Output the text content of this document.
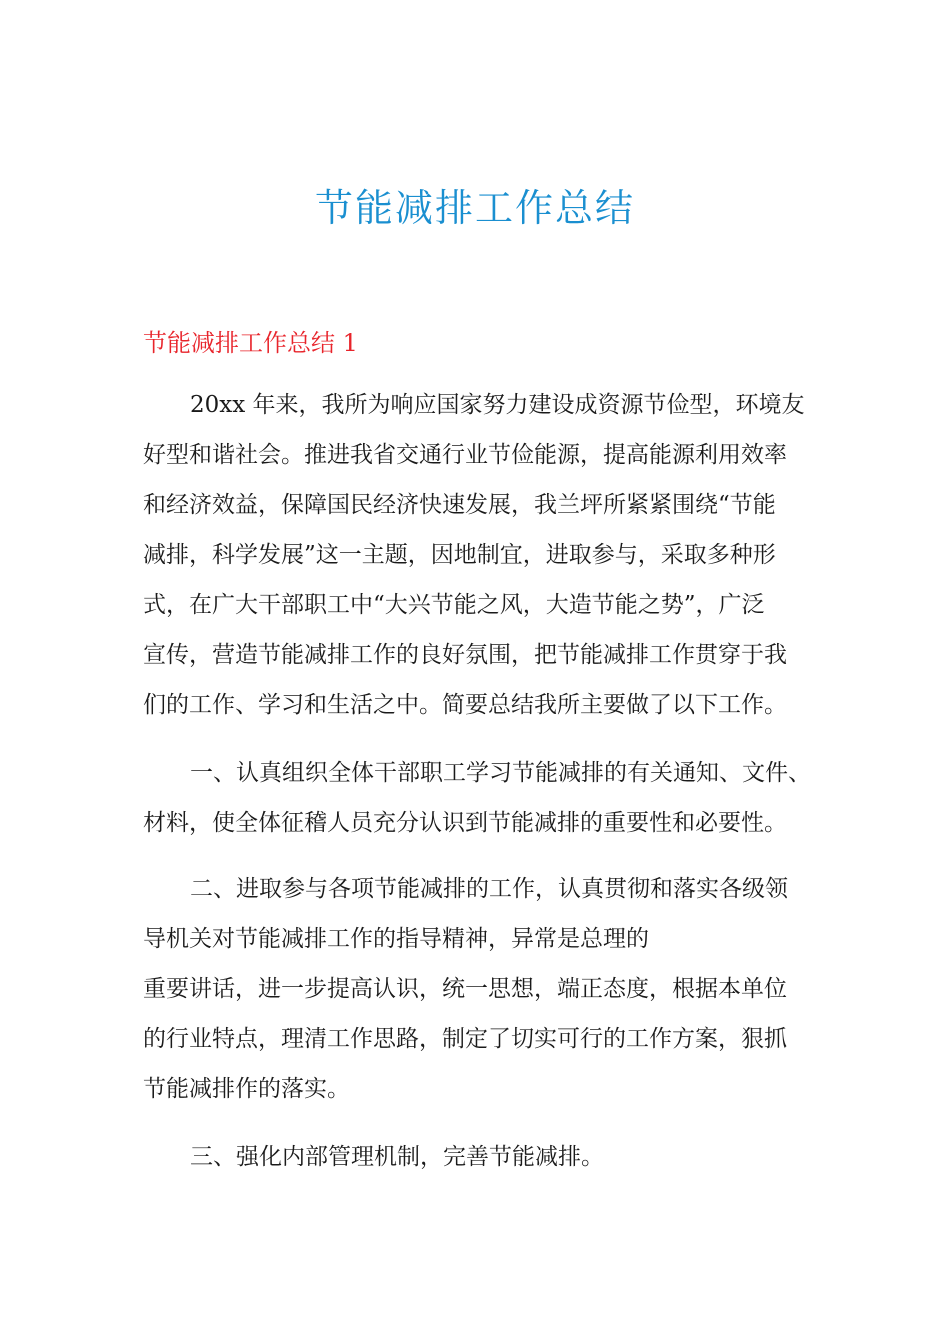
节能减排工作总结
节能减排工作总结 1
20xx 年来，我所为响应国家努力建设成资源节俭型，环境友
好型和谐社会。推进我省交通行业节俭能源，提高能源利用效率
和经济效益，保障国民经济快速发展，我兰坪所紧紧围绕“节能
减排，科学发展”这一主题，因地制宜，进取参与，采取多种形
式，在广大干部职工中“大兴节能之风，大造节能之势”，广泛
宣传，营造节能减排工作的良好氛围，把节能减排工作贯穿于我
们的工作、学习和生活之中。简要总结我所主要做了以下工作。
一、认真组织全体干部职工学习节能减排的有关通知、文件、
材料，使全体征稽人员充分认识到节能减排的重要性和必要性。
二、进取参与各项节能减排的工作，认真贯彻和落实各级领
导机关对节能减排工作的指导精神，异常是总理的
重要讲话，进一步提高认识，统一思想，端正态度，根据本单位
的行业特点，理清工作思路，制定了切实可行的工作方案，狠抓
节能减排作的落实。
三、强化内部管理机制，完善节能减排。
